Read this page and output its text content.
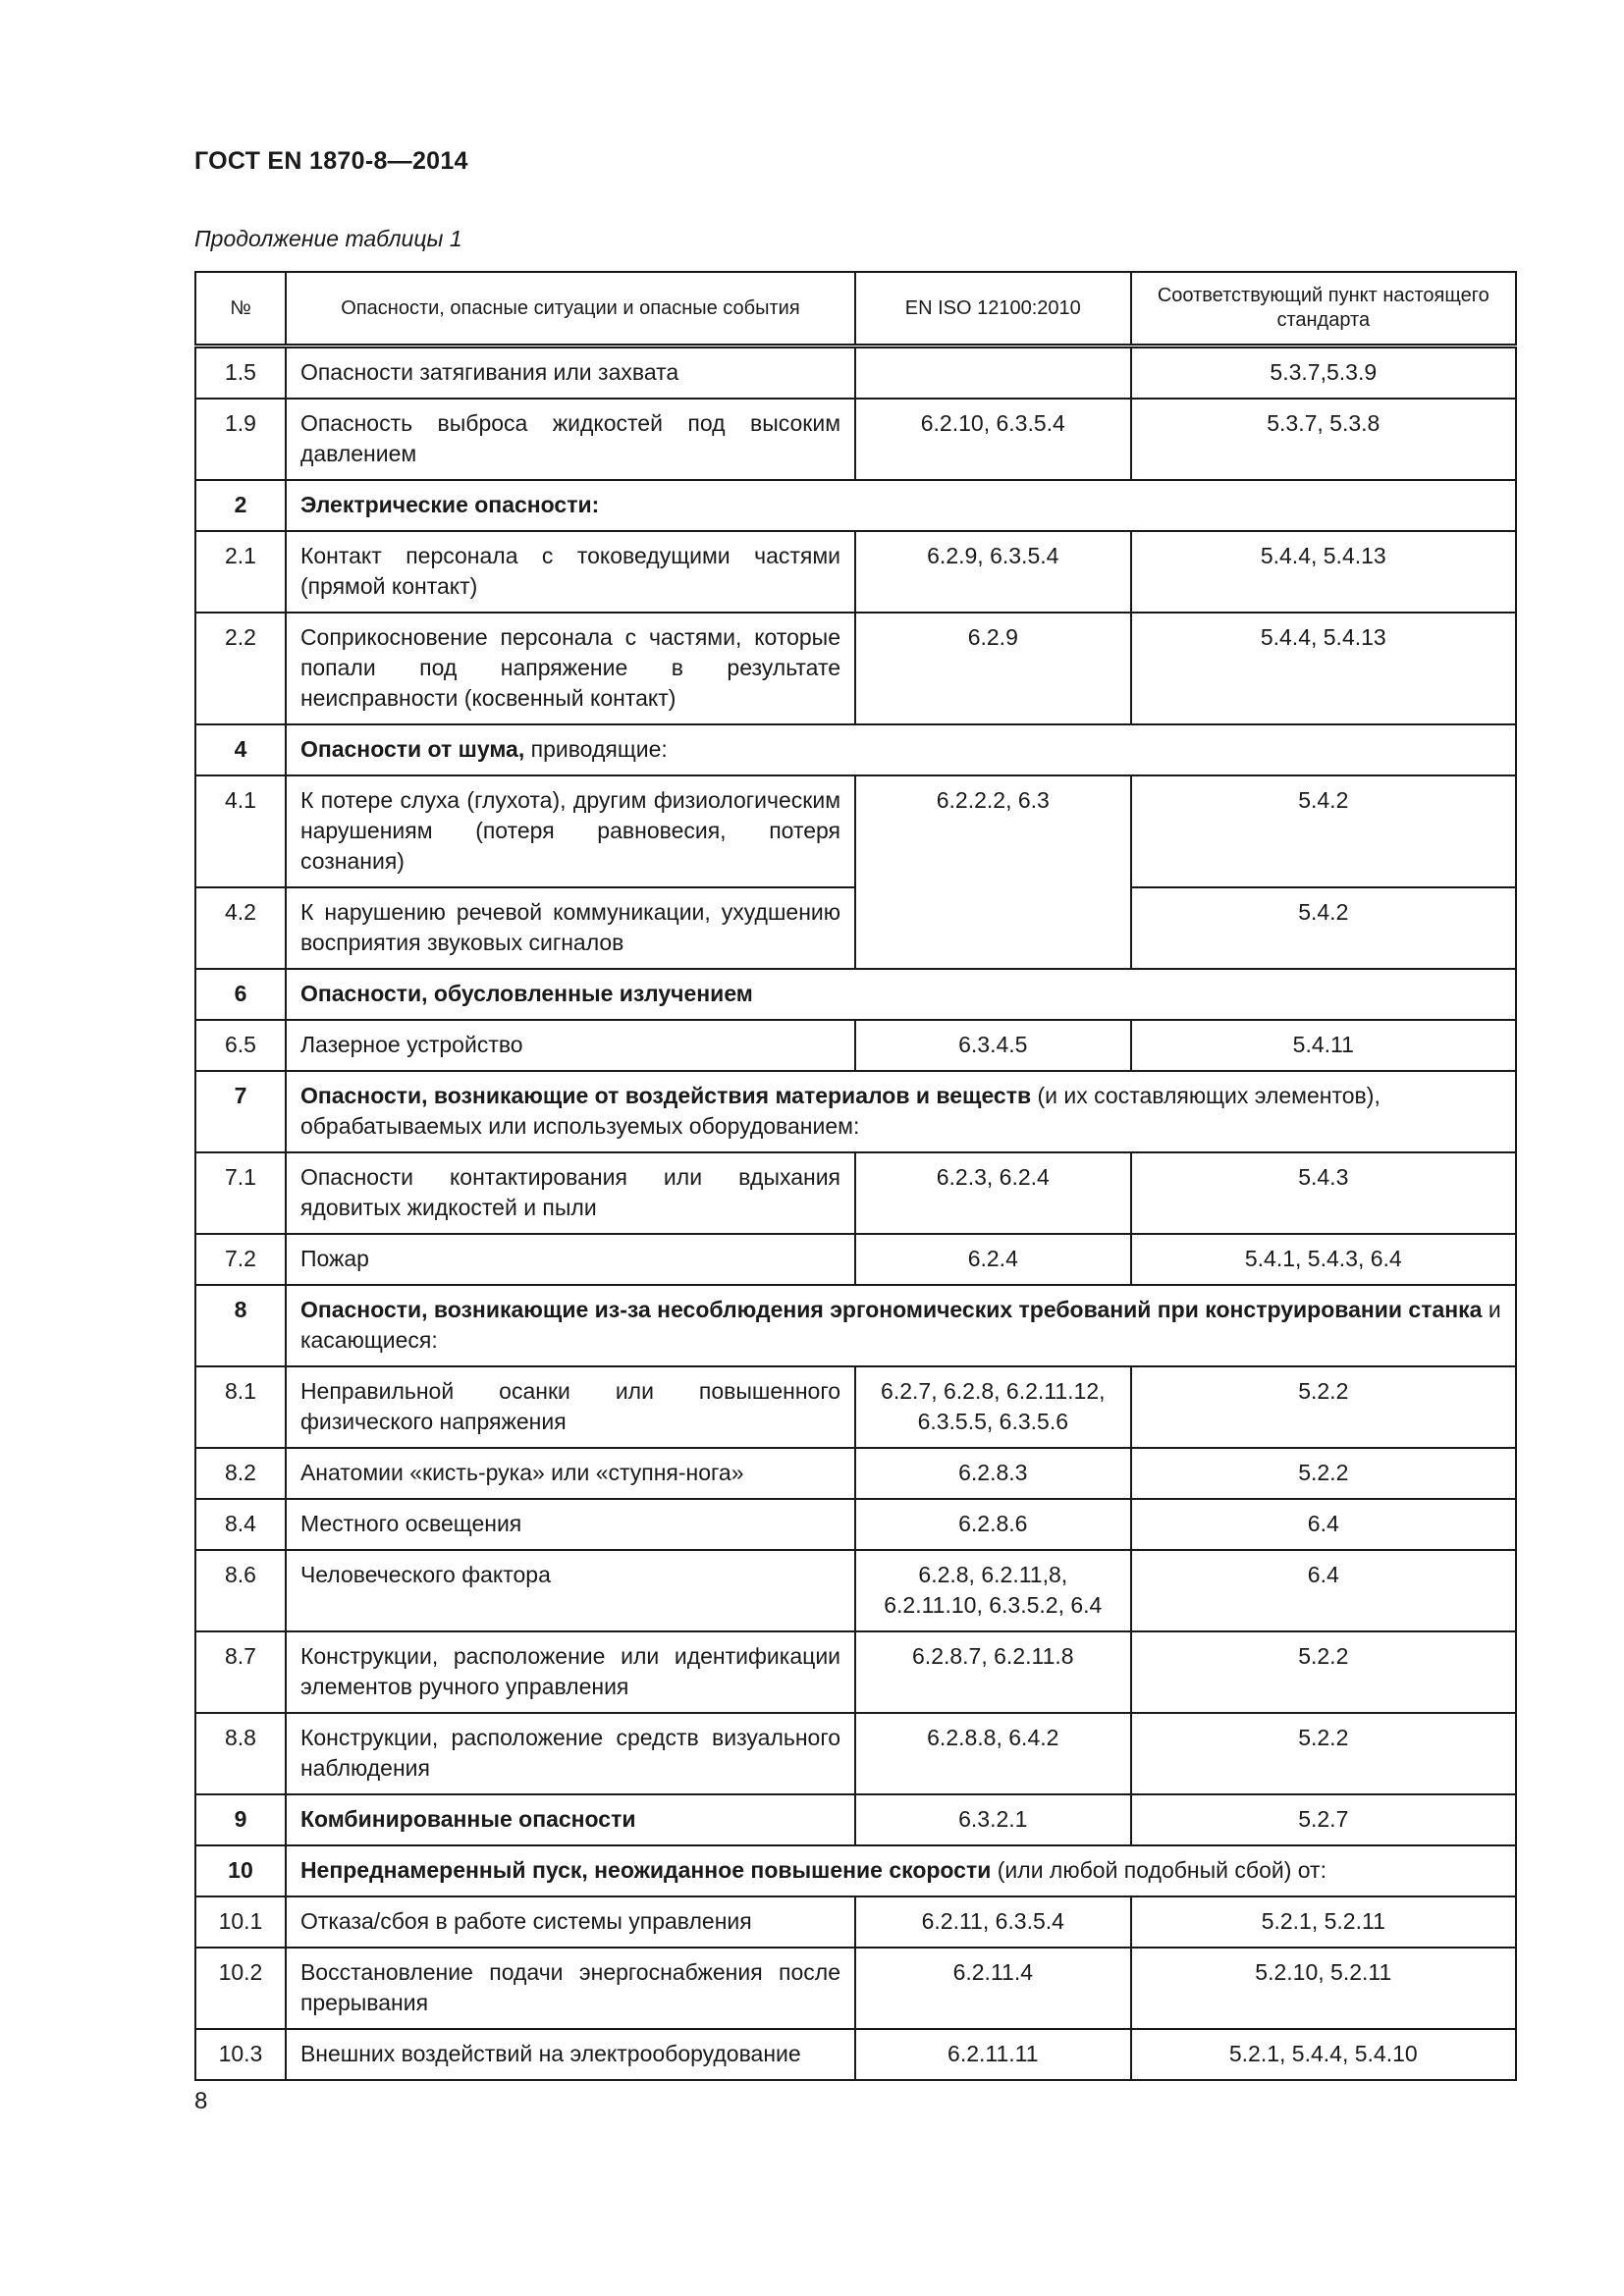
ГОСТ EN 1870-8—2014
Продолжение таблицы 1
№	Опасности, опасные ситуации и опасные события	EN ISO 12100:2010	Соответствующий пункт настоящего стандарта
1.5	Опасности затягивания или захвата		5.3.7,5.3.9
1.9	Опасность выброса жидкостей под высоким давлением	6.2.10, 6.3.5.4	5.3.7, 5.3.8
2	Электрические опасности:		
2.1	Контакт персонала с токоведущими частями (прямой контакт)	6.2.9, 6.3.5.4	5.4.4, 5.4.13
2.2	Соприкосновение персонала с частями, которые попали под напряжение в результате неисправности (косвенный контакт)	6.2.9	5.4.4, 5.4.13
4	Опасности от шума, приводящие:		
4.1	К потере слуха (глухота), другим физиологическим нарушениям (потеря равновесия, потеря сознания)	6.2.2.2, 6.3	5.4.2
4.2	К нарушению речевой коммуникации, ухудшению восприятия звуковых сигналов		5.4.2
6	Опасности, обусловленные излучением		
6.5	Лазерное устройство	6.3.4.5	5.4.11
7	Опасности, возникающие от воздействия материалов и веществ (и их составляющих элементов), обрабатываемых или используемых оборудованием:		
7.1	Опасности контактирования или вдыхания ядовитых жидкостей и пыли	6.2.3, 6.2.4	5.4.3
7.2	Пожар	6.2.4	5.4.1, 5.4.3, 6.4
8	Опасности, возникающие из-за несоблюдения эргономических требований при конструировании станка и касающиеся:		
8.1	Неправильной осанки или повышенного физического напряжения	6.2.7, 6.2.8, 6.2.11.12, 6.3.5.5, 6.3.5.6	5.2.2
8.2	Анатомии «кисть-рука» или «ступня-нога»	6.2.8.3	5.2.2
8.4	Местного освещения	6.2.8.6	6.4
8.6	Человеческого фактора	6.2.8, 6.2.11,8, 6.2.11.10, 6.3.5.2, 6.4	6.4
8.7	Конструкции, расположение или идентификации элементов ручного управления	6.2.8.7, 6.2.11.8	5.2.2
8.8	Конструкции, расположение средств визуального наблюдения	6.2.8.8, 6.4.2	5.2.2
9	Комбинированные опасности	6.3.2.1	5.2.7
10	Непреднамеренный пуск, неожиданное повышение скорости (или любой подобный сбой) от:		
10.1	Отказа/сбоя в работе системы управления	6.2.11, 6.3.5.4	5.2.1, 5.2.11
10.2	Восстановление подачи энергоснабжения после прерывания	6.2.11.4	5.2.10, 5.2.11
10.3	Внешних воздействий на электрооборудование	6.2.11.11	5.2.1, 5.4.4, 5.4.10
8
